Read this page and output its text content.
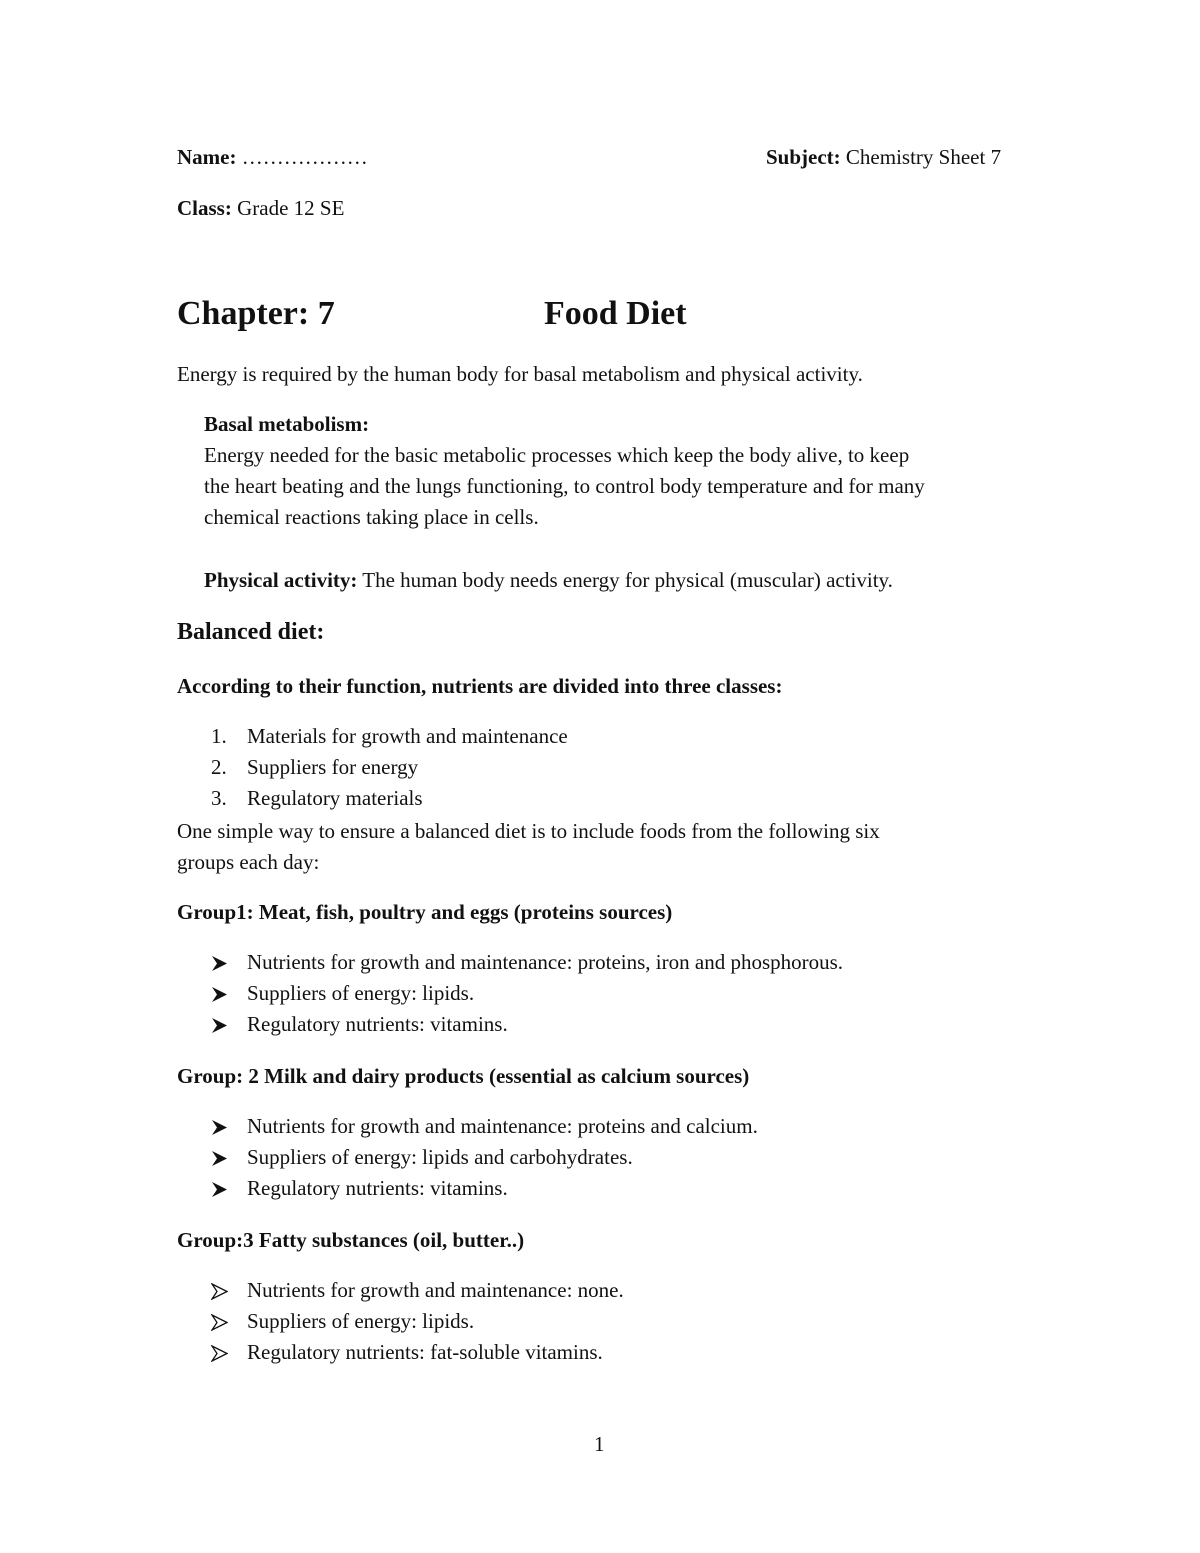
Name: ………………	Subject: Chemistry Sheet 7
Class: Grade 12 SE
Chapter: 7	Food Diet
Energy is required by the human body for basal metabolism and physical activity.
Basal metabolism:
Energy needed for the basic metabolic processes which keep the body alive, to keep
the heart beating and the lungs functioning, to control body temperature and for many
chemical reactions taking place in cells.
Physical activity: The human body needs energy for physical (muscular) activity.
Balanced diet:
According to their function, nutrients are divided into three classes:
1. Materials for growth and maintenance
2. Suppliers for energy
3. Regulatory materials
One simple way to ensure a balanced diet is to include foods from the following six
groups each day:
Group1: Meat, fish, poultry and eggs (proteins sources)
Nutrients for growth and maintenance: proteins, iron and phosphorous.
Suppliers of energy: lipids.
Regulatory nutrients: vitamins.
Group: 2 Milk and dairy products (essential as calcium sources)
Nutrients for growth and maintenance: proteins and calcium.
Suppliers of energy: lipids and carbohydrates.
Regulatory nutrients: vitamins.
Group:3 Fatty substances (oil, butter..)
Nutrients for growth and maintenance: none.
Suppliers of energy: lipids.
Regulatory nutrients: fat-soluble vitamins.
1
